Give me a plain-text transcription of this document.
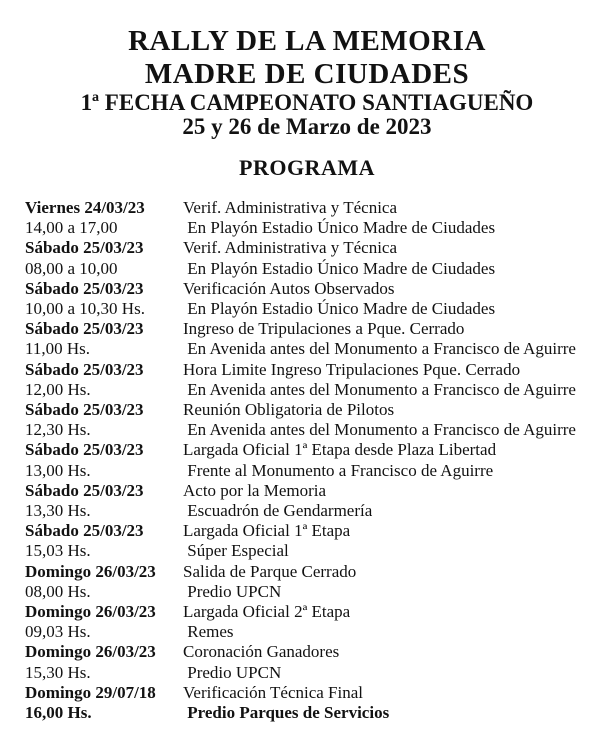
RALLY DE LA MEMORIA
MADRE DE CIUDADES
1ª FECHA CAMPEONATO SANTIAGUEÑO
25 y 26 de Marzo de 2023
PROGRAMA
Viernes 24/03/23	Verif. Administrativa y Técnica
14,00 a 17,00	En Playón Estadio Único Madre de Ciudades
Sábado 25/03/23	Verif. Administrativa y Técnica
08,00 a 10,00	En Playón Estadio Único Madre de Ciudades
Sábado 25/03/23	Verificación Autos Observados
10,00 a 10,30 Hs.	En Playón Estadio Único Madre de Ciudades
Sábado 25/03/23	Ingreso de Tripulaciones a Pque. Cerrado
11,00 Hs.	En Avenida antes del Monumento a Francisco de Aguirre
Sábado 25/03/23	Hora Limite Ingreso Tripulaciones Pque. Cerrado
12,00 Hs.	En Avenida antes del Monumento a Francisco de Aguirre
Sábado 25/03/23	Reunión Obligatoria de Pilotos
12,30 Hs.	En Avenida antes del Monumento a Francisco de Aguirre
Sábado 25/03/23	Largada Oficial 1ª Etapa desde Plaza Libertad
13,00 Hs.	Frente al Monumento a Francisco de Aguirre
Sábado 25/03/23	Acto por la Memoria
13,30 Hs.	Escuadrón de Gendarmería
Sábado 25/03/23	Largada Oficial 1ª Etapa
15,03 Hs.	Súper Especial
Domingo 26/03/23	Salida de Parque Cerrado
08,00 Hs.	Predio UPCN
Domingo 26/03/23	Largada Oficial 2ª Etapa
09,03 Hs.	Remes
Domingo 26/03/23	Coronación Ganadores
15,30 Hs.	Predio UPCN
Domingo 29/07/18	Verificación Técnica Final
16,00 Hs.	Predio Parques de Servicios
